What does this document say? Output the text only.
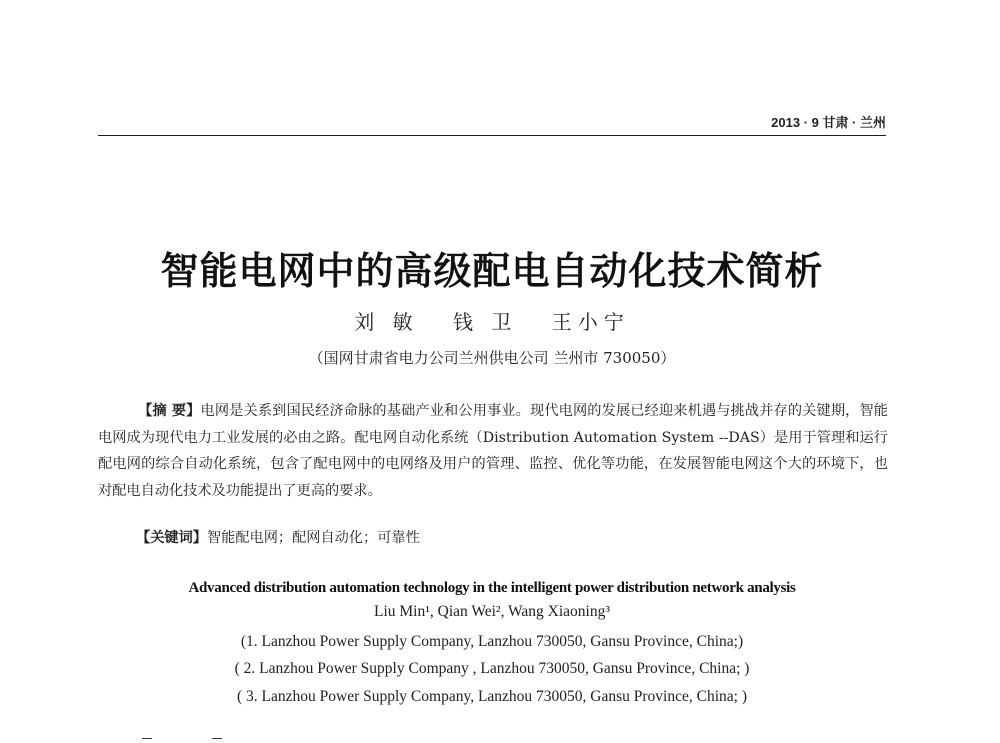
2013 · 9 甘肃 · 兰州
智能电网中的高级配电自动化技术简析
刘 敏 钱 卫 王小宁
（国网甘肃省电力公司兰州供电公司 兰州市 730050）
【摘 要】电网是关系到国民经济命脉的基础产业和公用事业。现代电网的发展已经迎来机遇与挑战并存的关键期，智能电网成为现代电力工业发展的必由之路。配电网自动化系统（Distribution Automation System --DAS）是用于管理和运行配电网的综合自动化系统，包含了配电网中的电网络及用户的管理、监控、优化等功能，在发展智能电网这个大的环境下，也对配电自动化技术及功能提出了更高的要求。
【关键词】智能配电网；配网自动化；可靠性
Advanced distribution automation technology in the intelligent power distribution network analysis
Liu Min¹, Qian Wei², Wang Xiaoning³
(1. Lanzhou Power Supply Company, Lanzhou 730050, Gansu Province, China;)
( 2. Lanzhou Power Supply Company , Lanzhou 730050, Gansu Province, China; )
( 3. Lanzhou Power Supply Company, Lanzhou 730050, Gansu Province, China; )
